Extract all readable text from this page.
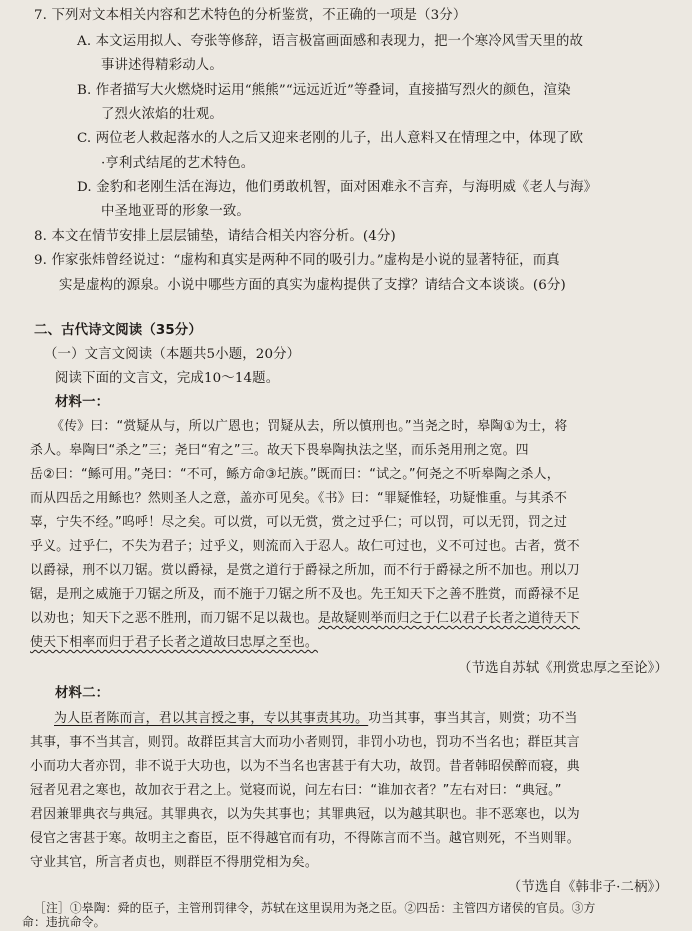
7. 下列对文本相关内容和艺术特色的分析鉴赏，不正确的一项是（3分）
A. 本文运用拟人、夸张等修辞，语言极富画面感和表现力，把一个寒冷风雪天里的故
事讲述得精彩动人。
B. 作者描写大火燃烧时运用“熊熊”“远远近近”等叠词，直接描写烈火的颜色，渲染
了烈火浓焰的壮观。
C. 两位老人救起落水的人之后又迎来老刚的儿子，出人意料又在情理之中，体现了欧
·亨利式结尾的艺术特色。
D. 金豹和老刚生活在海边，他们勇敢机智，面对困难永不言弃，与海明威《老人与海》
中圣地亚哥的形象一致。
8. 本文在情节安排上层层铺垫，请结合相关内容分析。(4分)
9. 作家张炜曾经说过：“虚构和真实是两种不同的吸引力。”虚构是小说的显著特征，而真
实是虚构的源泉。小说中哪些方面的真实为虚构提供了支撑？请结合文本谈谈。(6分)
二、古代诗文阅读（35分）
（一）文言文阅读（本题共5小题，20分）
阅读下面的文言文，完成10～14题。
材料一：
《传》曰：“赏疑从与，所以广恩也；罚疑从去，所以慎刑也。”当尧之时，皋陶①为士，将
杀人。皋陶曰“杀之”三；尧曰“宥之”三。故天下畏皋陶执法之坚，而乐尧用刑之宽。四
岳②曰：“鲧可用。”尧曰：“不可，鲧方命③圮族。”既而曰：“试之。”何尧之不听皋陶之杀人，
而从四岳之用鲧也？然则圣人之意，盖亦可见矣。《书》曰：“罪疑惟轻，功疑惟重。与其杀不
辜，宁失不经。”呜呼！尽之矣。可以赏，可以无赏，赏之过乎仁；可以罚，可以无罚，罚之过
乎义。过乎仁，不失为君子；过乎义，则流而入于忍人。故仁可过也，义不可过也。古者，赏不
以爵禄，刑不以刀锯。赏以爵禄，是赏之道行于爵禄之所加，而不行于爵禄之所不加也。刑以刀
锯，是刑之威施于刀锯之所及，而不施于刀锯之所不及也。先王知天下之善不胜赏，而爵禄不足
以劝也；知天下之恶不胜刑，而刀锯不足以裁也。是故疑则举而归之于仁以君子长者之道待天下
使天下相率而归于君子长者之道故曰忠厚之至也。
（节选自苏轼《刑赏忠厚之至论》）
材料二：
为人臣者陈而言，君以其言授之事，专以其事责其功。功当其事，事当其言，则赏；功不当
其事，事不当其言，则罚。故群臣其言大而功小者则罚，非罚小功也，罚功不当名也；群臣其言
小而功大者亦罚，非不说于大功也，以为不当名也害甚于有大功，故罚。昔者韩昭侯醉而寝，典
冠者见君之寒也，故加衣于君之上。觉寝而说，问左右曰：“谁加衣者？”左右对曰：“典冠。”
君因兼罪典衣与典冠。其罪典衣，以为失其事也；其罪典冠，以为越其职也。非不恶寒也，以为
侵官之害甚于寒。故明主之畜臣，臣不得越官而有功，不得陈言而不当。越官则死，不当则罪。
守业其官，所言者贞也，则群臣不得朋党相为矣。
（节选自《韩非子·二柄》）
［注］①皋陶：舜的臣子，主管刑罚律令，苏轼在这里误用为尧之臣。②四岳：主管四方诸侯的官员。③方
命：违抗命令。
